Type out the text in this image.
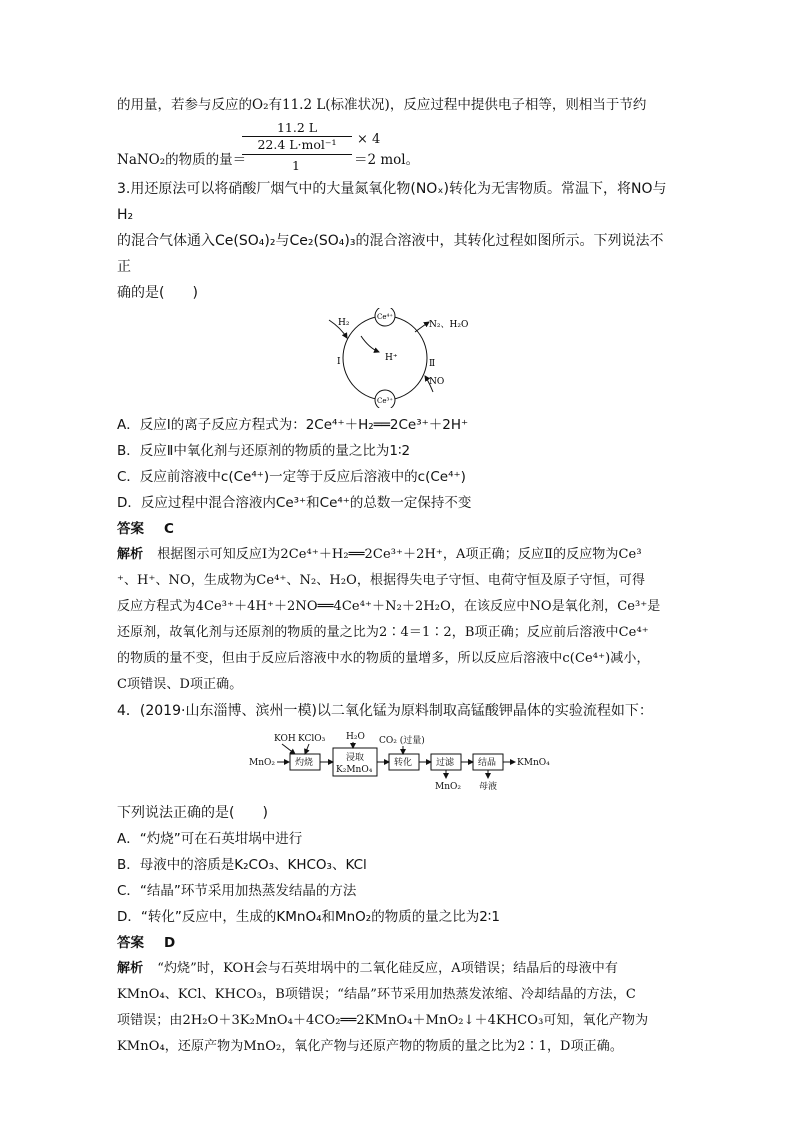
的用量，若参与反应的O₂有11.2 L(标准状况)，反应过程中提供电子相等，则相当于节约
NaNO₂的物质的量＝
11.2 L
22.4 L·mol⁻¹	× 4
1	＝2 mol。
3.用还原法可以将硝酸厂烟气中的大量氮氧化物(NOₓ)转化为无害物质。常温下，将NO与H₂
的混合气体通入Ce(SO₄)₂与Ce₂(SO₄)₃的混合溶液中，其转化过程如图所示。下列说法不正
确的是(　　)
Ce⁴⁺
Ce³⁺
H₂
H⁺
N₂、H₂O
NO
Ⅰ	Ⅱ
A．反应Ⅰ的离子反应方程式为：2Ce⁴⁺＋H₂══2Ce³⁺＋2H⁺
B．反应Ⅱ中氧化剂与还原剂的物质的量之比为1∶2
C．反应前溶液中c(Ce⁴⁺)一定等于反应后溶液中的c(Ce⁴⁺)
D．反应过程中混合溶液内Ce³⁺和Ce⁴⁺的总数一定保持不变
答案 C
解析 根据图示可知反应Ⅰ为2Ce⁴⁺＋H₂══2Ce³⁺＋2H⁺，A项正确；反应Ⅱ的反应物为Ce³
⁺、H⁺、NO，生成物为Ce⁴⁺、N₂、H₂O，根据得失电子守恒、电荷守恒及原子守恒，可得
反应方程式为4Ce³⁺＋4H⁺＋2NO══4Ce⁴⁺＋N₂＋2H₂O，在该反应中NO是氧化剂，Ce³⁺是
还原剂，故氧化剂与还原剂的物质的量之比为2∶4＝1∶2，B项正确；反应前后溶液中Ce⁴⁺
的物质的量不变，但由于反应后溶液中水的物质的量增多，所以反应后溶液中c(Ce⁴⁺)减小，
C项错误、D项正确。
4．(2019·山东淄博、滨州一模)以二氧化锰为原料制取高锰酸钾晶体的实验流程如下：
MnO₂
KOH KClO₃
灼烧
H₂O
浸取
K₂MnO₄
CO₂ (过量)
转化	过滤
MnO₂
结晶
母液
KMnO₄
下列说法正确的是(　　)
A．“灼烧”可在石英坩埚中进行
B．母液中的溶质是K₂CO₃、KHCO₃、KCl
C．“结晶”环节采用加热蒸发结晶的方法
D．“转化”反应中，生成的KMnO₄和MnO₂的物质的量之比为2∶1
答案 D
解析 “灼烧”时，KOH会与石英坩埚中的二氧化硅反应，A项错误；结晶后的母液中有
KMnO₄、KCl、KHCO₃，B项错误；“结晶”环节采用加热蒸发浓缩、冷却结晶的方法，C
项错误；由2H₂O＋3K₂MnO₄＋4CO₂══2KMnO₄＋MnO₂↓＋4KHCO₃可知，氧化产物为
KMnO₄，还原产物为MnO₂，氧化产物与还原产物的物质的量之比为2∶1，D项正确。
